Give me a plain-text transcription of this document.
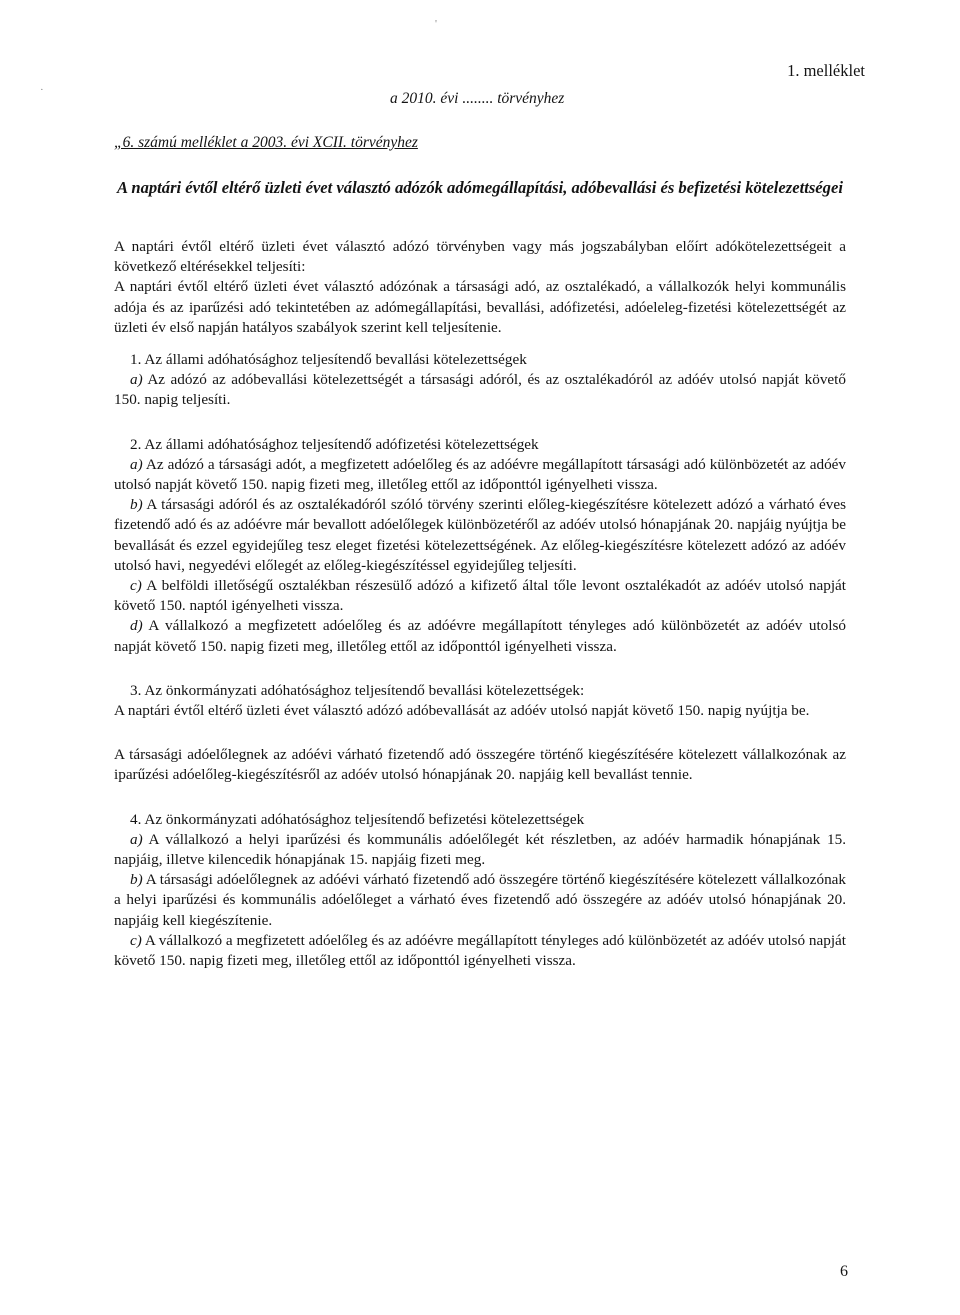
'
·
1. melléklet
a 2010. évi ........ törvényhez
„6. számú melléklet a 2003. évi XCII. törvényhez
A naptári évtől eltérő üzleti évet választó adózók adómegállapítási, adóbevallási és befizetési kötelezettségei

A naptári évtől eltérő üzleti évet választó adózó törvényben vagy más jogszabályban előírt adókötelezettségeit a következő eltérésekkel teljesíti:

A naptári évtől eltérő üzleti évet választó adózónak a társasági adó, az osztalékadó, a vállalkozók helyi kommunális adója és az iparűzési adó tekintetében az adómegállapítási, bevallási, adófizetési, adóeleleg-fizetési kötelezettségét az üzleti év első napján hatályos szabályok szerint kell teljesítenie.

1. Az állami adóhatósághoz teljesítendő bevallási kötelezettségek

a) Az adózó az adóbevallási kötelezettségét a társasági adóról, és az osztalékadóról az adóév utolsó napját követő 150. napig teljesíti.

2. Az állami adóhatósághoz teljesítendő adófizetési kötelezettségek

a) Az adózó a társasági adót, a megfizetett adóelőleg és az adóévre megállapított társasági adó különbözetét az adóév utolsó napját követő 150. napig fizeti meg, illetőleg ettől az időponttól igényelheti vissza.

b) A társasági adóról és az osztalékadóról szóló törvény szerinti előleg-kiegészítésre kötelezett adózó a várható éves fizetendő adó és az adóévre már bevallott adóelőlegek különbözetéről az adóév utolsó hónapjának 20. napjáig nyújtja be bevallását és ezzel egyidejűleg tesz eleget fizetési kötelezettségének. Az előleg-kiegészítésre kötelezett adózó az adóév utolsó havi, negyedévi előlegét az előleg-kiegészítéssel egyidejűleg teljesíti.

c) A belföldi illetőségű osztalékban részesülő adózó a kifizető által tőle levont osztalékadót az adóév utolsó napját követő 150. naptól igényelheti vissza.

d) A vállalkozó a megfizetett adóelőleg és az adóévre megállapított tényleges adó különbözetét az adóév utolsó napját követő 150. napig fizeti meg, illetőleg ettől az időponttól igényelheti vissza.

3. Az önkormányzati adóhatósághoz teljesítendő bevallási kötelezettségek:

A naptári évtől eltérő üzleti évet választó adózó adóbevallását az adóév utolsó napját követő 150. napig nyújtja be.

A társasági adóelőlegnek az adóévi várható fizetendő adó összegére történő kiegészítésére kötelezett vállalkozónak az iparűzési adóelőleg-kiegészítésről az adóév utolsó hónapjának 20. napjáig kell bevallást tennie.

4. Az önkormányzati adóhatósághoz teljesítendő befizetési kötelezettségek

a) A vállalkozó a helyi iparűzési és kommunális adóelőlegét két részletben, az adóév harmadik hónapjának 15. napjáig, illetve kilencedik hónapjának 15. napjáig fizeti meg.

b) A társasági adóelőlegnek az adóévi várható fizetendő adó összegére történő kiegészítésére kötelezett vállalkozónak a helyi iparűzési és kommunális adóelőleget a várható éves fizetendő adó összegére az adóév utolsó hónapjának 20. napjáig kell kiegészítenie.

c) A vállalkozó a megfizetett adóelőleg és az adóévre megállapított tényleges adó különbözetét az adóév utolsó napját követő 150. napig fizeti meg, illetőleg ettől az időponttól igényelheti vissza.

6
